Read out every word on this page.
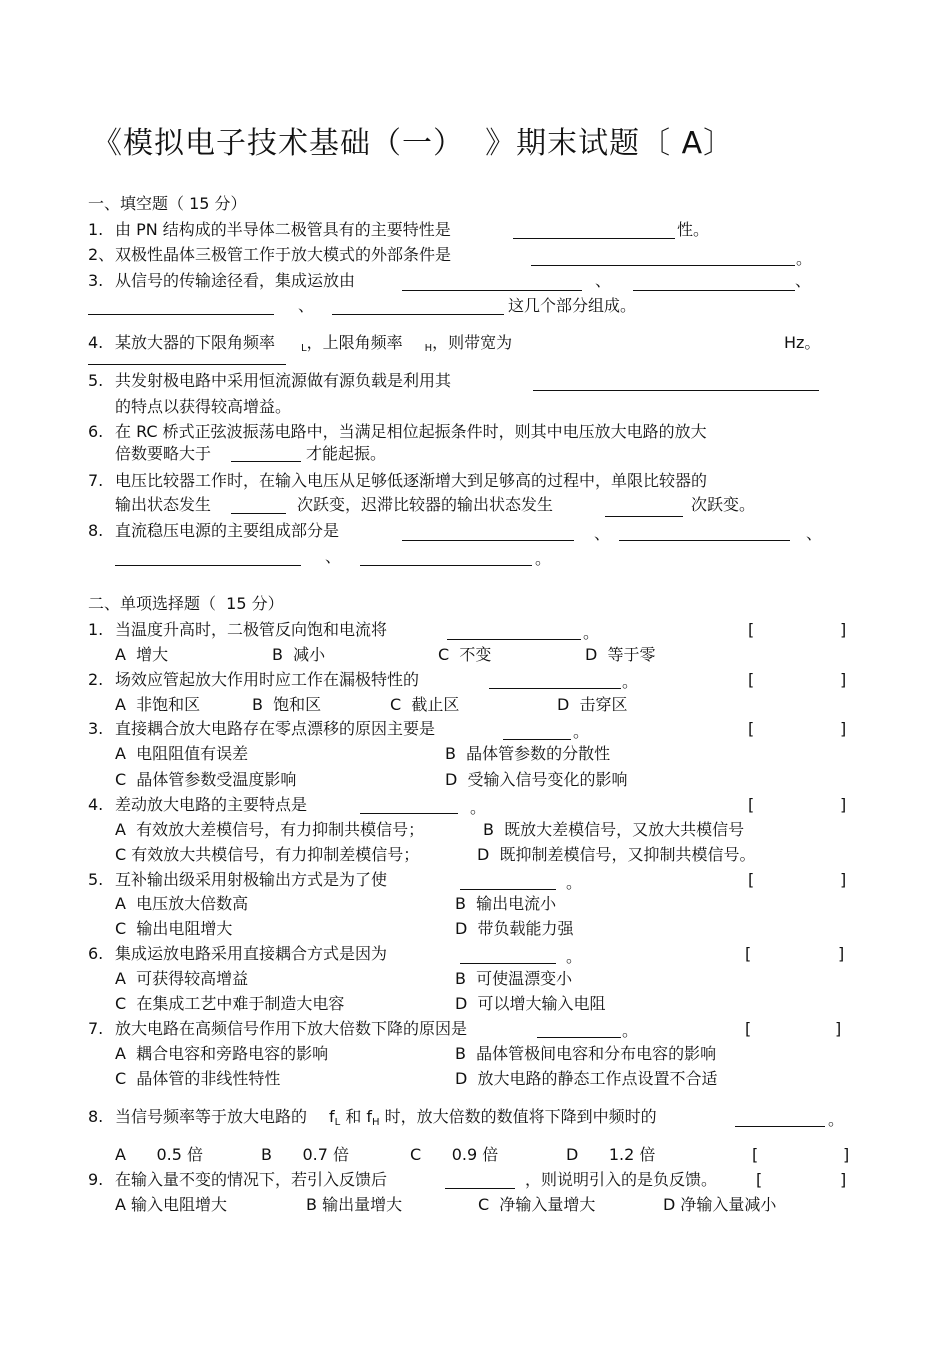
《模拟电子技术基础（一）  》期末试题〔 A〕
一、填空题（ 15 分）
1. 由 PN 结构成的半导体二极管具有的主要特性是	性。
2、 双极性晶体三极管工作于放大模式的外部条件是	。
3. 从信号的传输途径看，集成运放由	、	、
、	这几个部分组成。
4. 某放大器的下限角频率	$_L$，上限角频率 $_H$，则带宽为	Hz。
5. 共发射极电路中采用恒流源做有源负载是利用其
的特点以获得较高增益。
6. 在 RC 桥式正弦波振荡电路中，当满足相位起振条件时，则其中电压放大电路的放大
倍数要略大于	才能起振。
7. 电压比较器工作时，在输入电压从足够低逐渐增大到足够高的过程中，单限比较器的
输出状态发生	次跃变，迟滞比较器的输出状态发生	次跃变。
8. 直流稳压电源的主要组成部分是	、	、
、	。
二、单项选择题（  15 分）
1. 当温度升高时，二极管反向饱和电流将	。	[	]
A  增大	B  减小	C  不变	D  等于零
2. 场效应管起放大作用时应工作在漏极特性的	。	[	]
A  非饱和区	B  饱和区	C  截止区	D  击穿区
3. 直接耦合放大电路存在零点漂移的原因主要是	。	[	]
A  电阻阻值有误差	B  晶体管参数的分散性
C  晶体管参数受温度影响	D  受输入信号变化的影响
4. 差动放大电路的主要特点是	。	[	]
A  有效放大差模信号，有力抑制共模信号；	B  既放大差模信号，又放大共模信号
C 有效放大共模信号，有力抑制差模信号；	D  既抑制差模信号，又抑制共模信号。
5. 互补输出级采用射极输出方式是为了使	。	[	]
A  电压放大倍数高	B  输出电流小
C  输出电阻增大	D  带负载能力强
6. 集成运放电路采用直接耦合方式是因为	。	[	]
A  可获得较高增益	B  可使温漂变小
C  在集成工艺中难于制造大电容	D  可以增大输入电阻
7. 放大电路在高频信号作用下放大倍数下降的原因是	。	[	]
A  耦合电容和旁路电容的影响	B  晶体管极间电容和分布电容的影响
C  晶体管的非线性特性	D  放大电路的静态工作点设置不合适
8. 当信号频率等于放大电路的 $f_L$ 和 $f_H$ 时，放大倍数的数值将下降到中频时的	。
A      0.5 倍	B      0.7 倍	C      0.9 倍	D      1.2 倍	[	]
9. 在输入量不变的情况下，若引入反馈后	，则说明引入的是负反馈。 [	]
A 输入电阻增大	B 输出量增大	C  净输入量增大	D 净输入量减小
